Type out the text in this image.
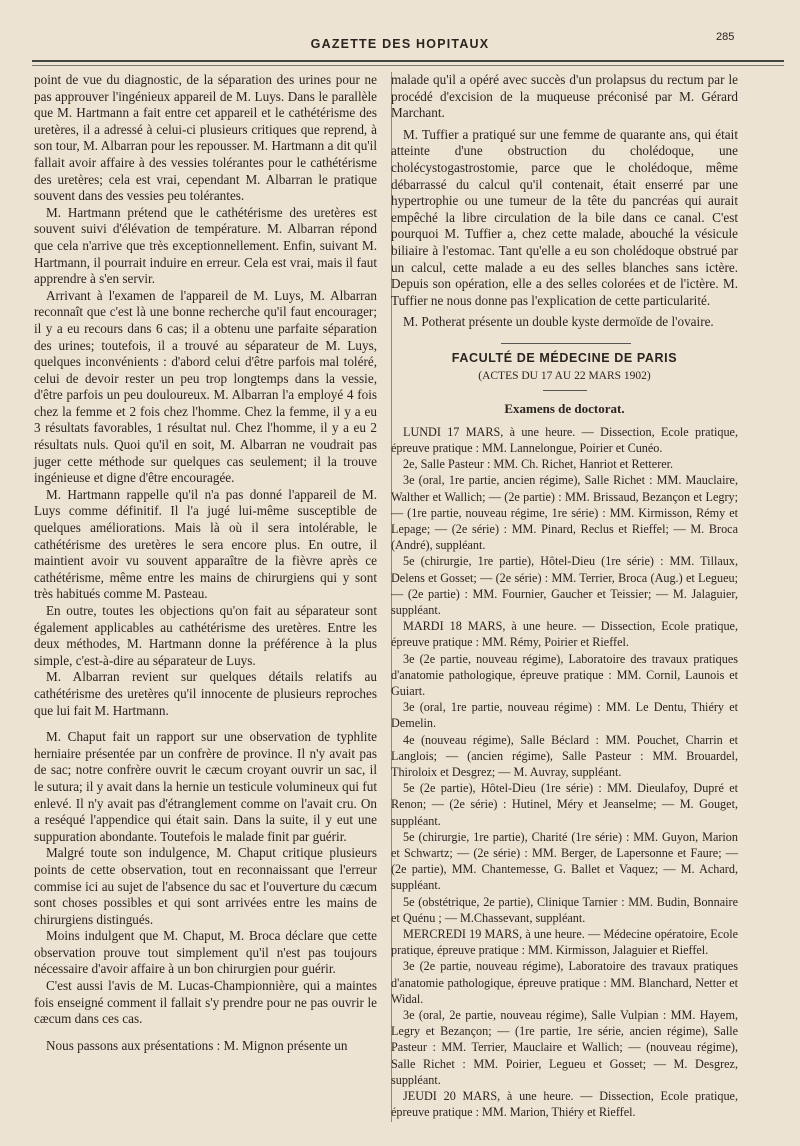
285
GAZETTE DES HOPITAUX

point de vue du diagnostic, de la séparation des urines pour ne pas approuver l'ingénieux appareil de M. Luys. Dans le parallèle que M. Hartmann a fait entre cet appareil et le cathétérisme des uretères, il a adressé à celui-ci plusieurs critiques que reprend, à son tour, M. Albarran pour les repousser. M. Hartmann a dit qu'il fallait avoir affaire à des vessies tolérantes pour le cathétérisme des uretères; cela est vrai, cependant M. Albarran le pratique souvent dans des vessies peu tolérantes.

M. Hartmann prétend que le cathétérisme des uretères est souvent suivi d'élévation de température. M. Albarran répond que cela n'arrive que très exceptionnellement. Enfin, suivant M. Hartmann, il pourrait induire en erreur. Cela est vrai, mais il faut apprendre à s'en servir.

Arrivant à l'examen de l'appareil de M. Luys, M. Albarran reconnaît que c'est là une bonne recherche qu'il faut encourager; il y a eu recours dans 6 cas; il a obtenu une parfaite séparation des urines; toutefois, il a trouvé au séparateur de M. Luys, quelques inconvénients : d'abord celui d'être parfois mal toléré, celui de devoir rester un peu trop longtemps dans la vessie, d'être parfois un peu douloureux. M. Albarran l'a employé 4 fois chez la femme et 2 fois chez l'homme. Chez la femme, il y a eu 3 résultats favorables, 1 résultat nul. Chez l'homme, il y a eu 2 résultats nuls. Quoi qu'il en soit, M. Albarran ne voudrait pas juger cette méthode sur quelques cas seulement; il la trouve ingénieuse et digne d'être encouragée.

M. Hartmann rappelle qu'il n'a pas donné l'appareil de M. Luys comme définitif. Il l'a jugé lui-même susceptible de quelques améliorations. Mais là où il sera intolérable, le cathétérisme des uretères le sera encore plus. En outre, il maintient avoir vu souvent apparaître de la fièvre après ce cathétérisme, même entre les mains de chirurgiens qui y sont très habitués comme M. Pasteau.

En outre, toutes les objections qu'on fait au séparateur sont également applicables au cathétérisme des uretères. Entre les deux méthodes, M. Hartmann donne la préférence à la plus simple, c'est-à-dire au séparateur de Luys.

M. Albarran revient sur quelques détails relatifs au cathétérisme des uretères qu'il innocente de plusieurs reproches que lui fait M. Hartmann.

M. Chaput fait un rapport sur une observation de typhlite herniaire présentée par un confrère de province. Il n'y avait pas de sac; notre confrère ouvrit le cæcum croyant ouvrir un sac, il le sutura; il y avait dans la hernie un testicule volumineux qui fut enlevé. Il n'y avait pas d'étranglement comme on l'avait cru. On a reséqué l'appendice qui était sain. Dans la suite, il y eut une suppuration abondante. Toutefois le malade finit par guérir.

Malgré toute son indulgence, M. Chaput critique plusieurs points de cette observation, tout en reconnaissant que l'erreur commise ici au sujet de l'absence du sac et l'ouverture du cæcum sont choses possibles et qui sont arrivées entre les mains de chirurgiens distingués.

Moins indulgent que M. Chaput, M. Broca déclare que cette observation prouve tout simplement qu'il n'est pas toujours nécessaire d'avoir affaire à un bon chirurgien pour guérir.

C'est aussi l'avis de M. Lucas-Championnière, qui a maintes fois enseigné comment il fallait s'y prendre pour ne pas ouvrir le cæcum dans ces cas.

Nous passons aux présentations : M. Mignon présente un

malade qu'il a opéré avec succès d'un prolapsus du rectum par le procédé d'excision de la muqueuse préconisé par M. Gérard Marchant.

M. Tuffier a pratiqué sur une femme de quarante ans, qui était atteinte d'une obstruction du cholédoque, une cholécystogastrostomie, parce que le cholédoque, même débarrassé du calcul qu'il contenait, était enserré par une hypertrophie ou une tumeur de la tête du pancréas qui aurait empêché la libre circulation de la bile dans ce canal. C'est pourquoi M. Tuffier a, chez cette malade, abouché la vésicule biliaire à l'estomac. Tant qu'elle a eu son cholédoque obstrué par un calcul, cette malade a eu des selles blanches sans ictère. Depuis son opération, elle a des selles colorées et de l'ictère. M. Tuffier ne nous donne pas l'explication de cette particularité.

M. Potherat présente un double kyste dermoïde de l'ovaire.

FACULTÉ DE MÉDECINE DE PARIS
(ACTES DU 17 AU 22 MARS 1902)
Examens de doctorat.

LUNDI 17 MARS, à une heure. — Dissection, Ecole pratique, épreuve pratique : MM. Lannelongue, Poirier et Cunéo.

2e, Salle Pasteur : MM. Ch. Richet, Hanriot et Retterer.

3e (oral, 1re partie, ancien régime), Salle Richet : MM. Mauclaire, Walther et Wallich; — (2e partie) : MM. Brissaud, Bezançon et Legry; — (1re partie, nouveau régime, 1re série) : MM. Kirmisson, Rémy et Lepage; — (2e série) : MM. Pinard, Reclus et Rieffel; — M. Broca (André), suppléant.

5e (chirurgie, 1re partie), Hôtel-Dieu (1re série) : MM. Tillaux, Delens et Gosset; — (2e série) : MM. Terrier, Broca (Aug.) et Legueu; — (2e partie) : MM. Fournier, Gaucher et Teissier; — M. Jalaguier, suppléant.

MARDI 18 MARS, à une heure. — Dissection, Ecole pratique, épreuve pratique : MM. Rémy, Poirier et Rieffel.

3e (2e partie, nouveau régime), Laboratoire des travaux pratiques d'anatomie pathologique, épreuve pratique : MM. Cornil, Launois et Guiart.

3e (oral, 1re partie, nouveau régime) : MM. Le Dentu, Thiéry et Demelin.

4e (nouveau régime), Salle Béclard : MM. Pouchet, Charrin et Langlois; — (ancien régime), Salle Pasteur : MM. Brouardel, Thiroloix et Desgrez; — M. Auvray, suppléant.

5e (2e partie), Hôtel-Dieu (1re série) : MM. Dieulafoy, Dupré et Renon; — (2e série) : Hutinel, Méry et Jeanselme; — M. Gouget, suppléant.

5e (chirurgie, 1re partie), Charité (1re série) : MM. Guyon, Marion et Schwartz; — (2e série) : MM. Berger, de Lapersonne et Faure; — (2e partie), MM. Chantemesse, G. Ballet et Vaquez; — M. Achard, suppléant.

5e (obstétrique, 2e partie), Clinique Tarnier : MM. Budin, Bonnaire et Quénu ; — M.Chassevant, suppléant.

MERCREDI 19 MARS, à une heure. — Médecine opératoire, Ecole pratique, épreuve pratique : MM. Kirmisson, Jalaguier et Rieffel.

3e (2e partie, nouveau régime), Laboratoire des travaux pratiques d'anatomie pathologique, épreuve pratique : MM. Blanchard, Netter et Widal.

3e (oral, 2e partie, nouveau régime), Salle Vulpian : MM. Hayem, Legry et Bezançon; — (1re partie, 1re série, ancien régime), Salle Pasteur : MM. Terrier, Mauclaire et Wallich; — (nouveau régime), Salle Richet : MM. Poirier, Legueu et Gosset; — M. Desgrez, suppléant.

JEUDI 20 MARS, à une heure. — Dissection, Ecole pratique, épreuve pratique : MM. Marion, Thiéry et Rieffel.
